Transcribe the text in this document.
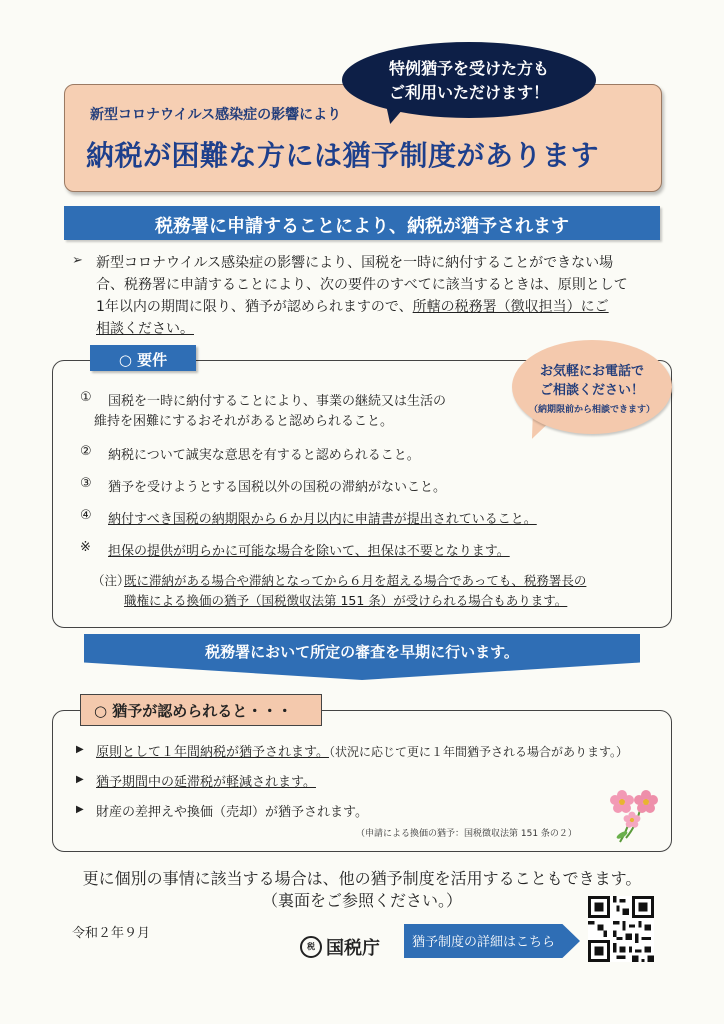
新型コロナウイルス感染症の影響により
納税が困難な方には猶予制度があります
特例猶予を受けた方も
ご利用いただけます！
税務署に申請することにより、納税が猶予されます
➢ 新型コロナウイルス感染症の影響により、国税を一時に納付することができない場
合、税務署に申請することにより、次の要件のすべてに該当するときは、原則として
1年以内の期間に限り、猶予が認められますので、所轄の税務署（徴収担当）にご
相談ください。
○ 要件
お気軽にお電話で
ご相談ください！
（納期限前から相談できます）
① 国税を一時に納付することにより、事業の継続又は生活の
維持を困難にするおそれがあると認められること。
② 納税について誠実な意思を有すると認められること。
③ 猶予を受けようとする国税以外の国税の滞納がないこと。
④ 納付すべき国税の納期限から６か月以内に申請書が提出されていること。
※ 担保の提供が明らかに可能な場合を除いて、担保は不要となります。
（注）
既に滞納がある場合や滞納となってから６月を超える場合であっても、税務署長の
職権による換価の猶予（国税徴収法第 151 条）が受けられる場合もあります。
税務署において所定の審査を早期に行います。
○ 猶予が認められると・・・
▶ 原則として１年間納税が猶予されます。（状況に応じて更に１年間猶予される場合があります。）
▶ 猶予期間中の延滞税が軽減されます。
▶ 財産の差押えや換価（売却）が猶予されます。
（申請による換価の猶予：国税徴収法第 151 条の２）
更に個別の事情に該当する場合は、他の猶予制度を活用することもできます。
（裏面をご参照ください。）
令和２年９月
税 国税庁 猶予制度の詳細はこちら
